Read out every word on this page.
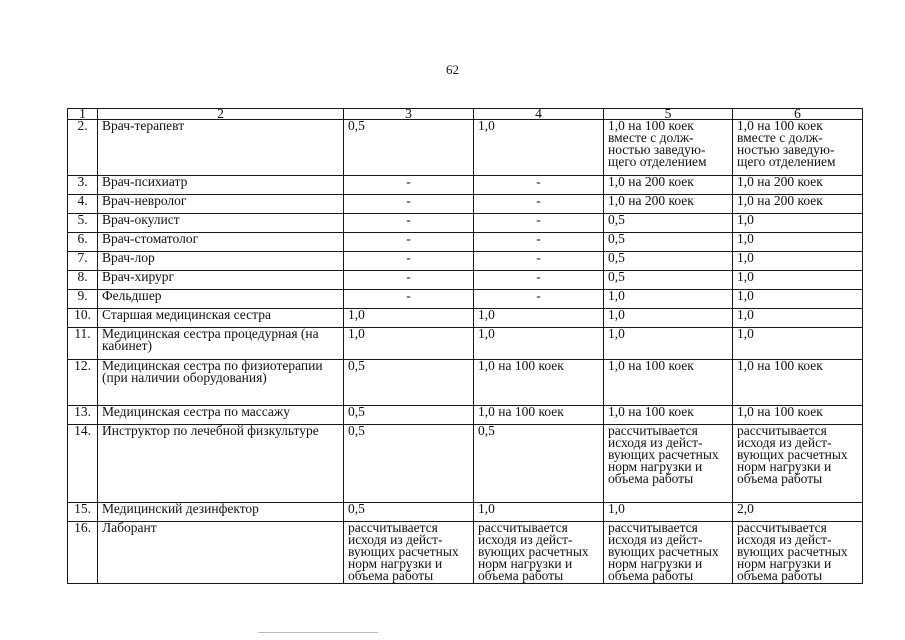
62
1	2	3	4	5	6
2.	Врач-терапевт	0,5	1,0	1,0 на 100 коек вместе с долж-ностью заведую-щего отделением	1,0 на 100 коек вместе с долж-ностью заведую-щего отделением
3.	Врач-психиатр	-	-	1,0 на 200 коек	1,0 на 200 коек
4.	Врач-невролог	-	-	1,0 на 200 коек	1,0 на 200 коек
5.	Врач-окулист	-	-	0,5	1,0
6.	Врач-стоматолог	-	-	0,5	1,0
7.	Врач-лор	-	-	0,5	1,0
8.	Врач-хирург	-	-	0,5	1,0
9.	Фельдшер	-	-	1,0	1,0
10.	Старшая медицинская сестра	1,0	1,0	1,0	1,0
11.	Медицинская сестра процедурная (на кабинет)	1,0	1,0	1,0	1,0
12.	Медицинская сестра по физиотерапии (при наличии оборудования)	0,5	1,0 на 100 коек	1,0 на 100 коек	1,0 на 100 коек
13.	Медицинская сестра по массажу	0,5	1,0 на 100 коек	1,0 на 100 коек	1,0 на 100 коек
14.	Инструктор по лечебной физкультуре	0,5	0,5	рассчитывается исходя из дейст-вующих расчетных норм нагрузки и объема работы	рассчитывается исходя из дейст-вующих расчетных норм нагрузки и объема работы
15.	Медицинский дезинфектор	0,5	1,0	1,0	2,0
16.	Лаборант	рассчитывается исходя из дейст-вующих расчетных норм нагрузки и объема работы	рассчитывается исходя из дейст-вующих расчетных норм нагрузки и объема работы	рассчитывается исходя из дейст-вующих расчетных норм нагрузки и объема работы	рассчитывается исходя из дейст-вующих расчетных норм нагрузки и объема работы
